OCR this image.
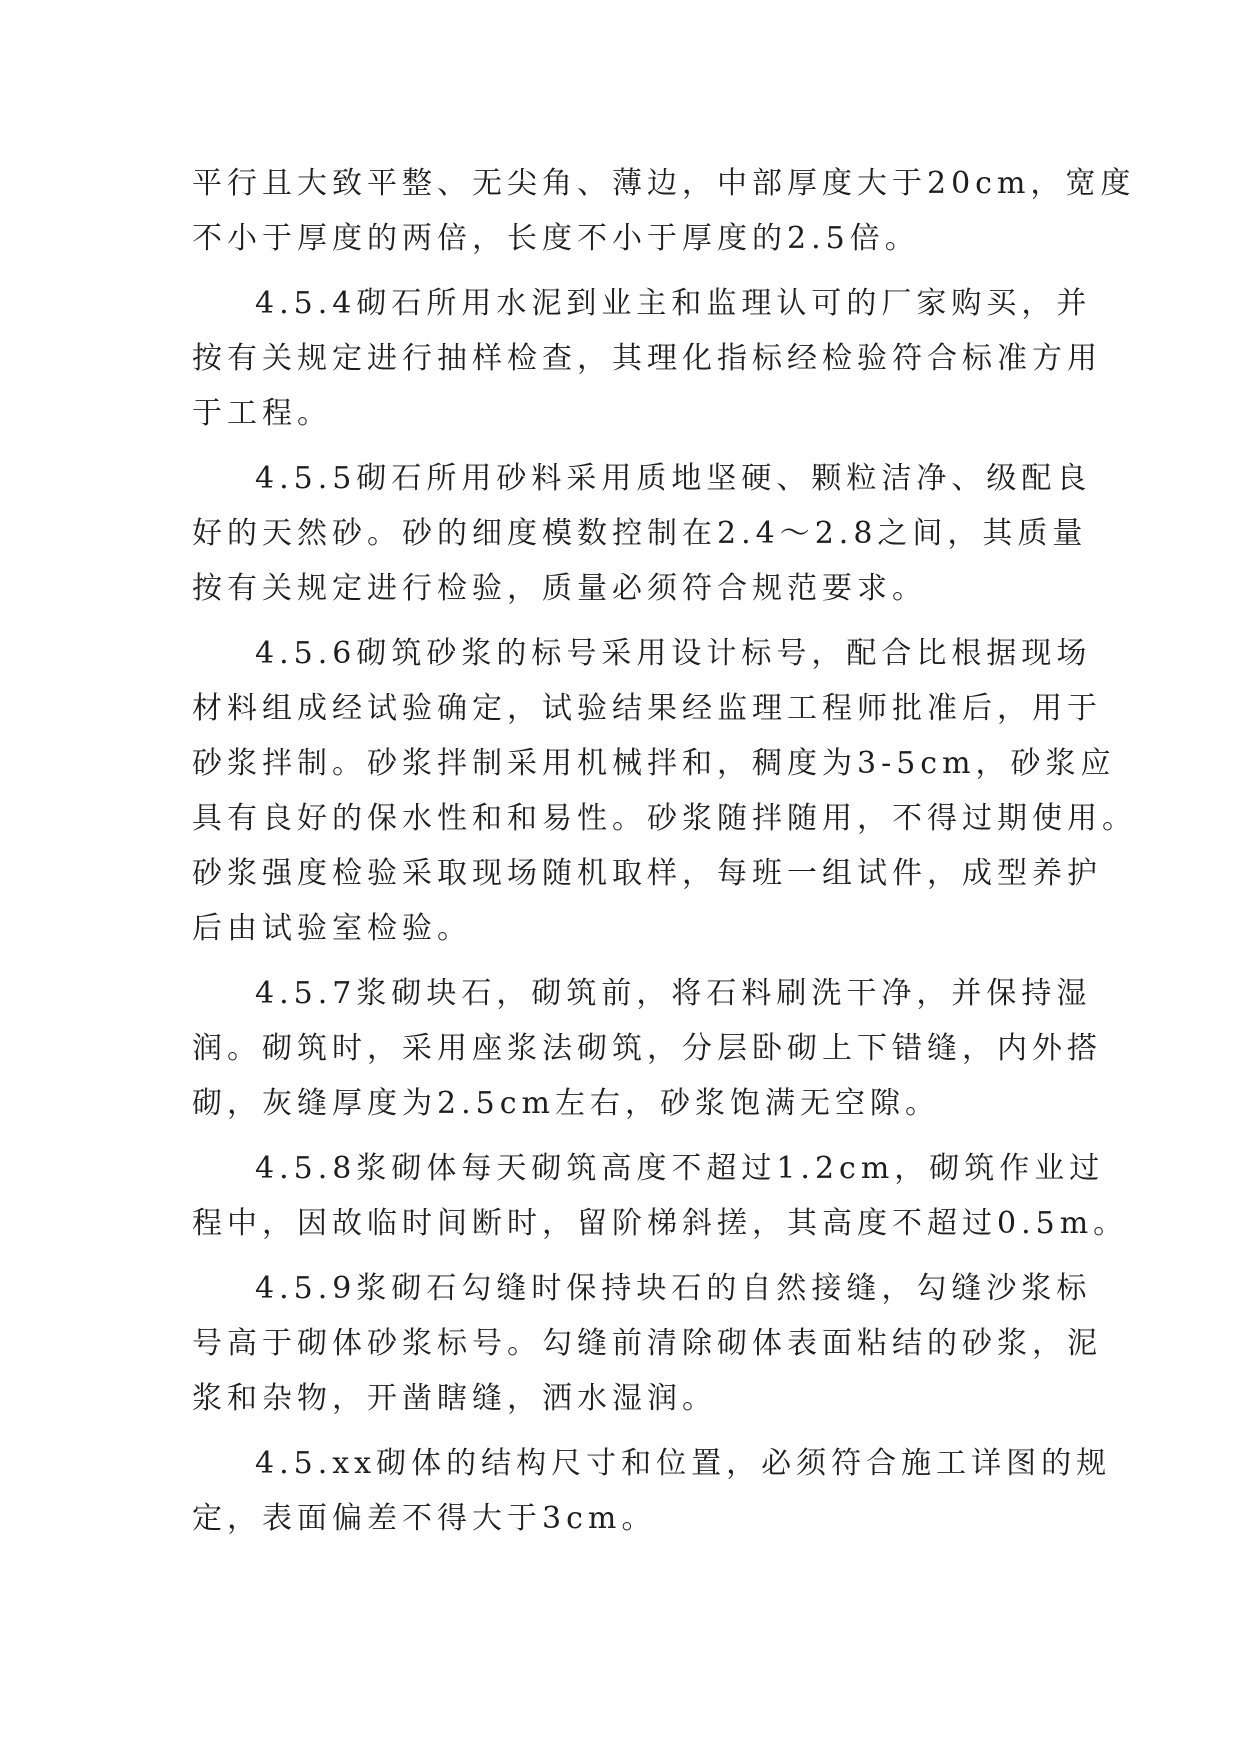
平行且大致平整、无尖角、薄边，中部厚度大于20cm，宽度
不小于厚度的两倍，长度不小于厚度的2.5倍。
4.5.4砌石所用水泥到业主和监理认可的厂家购买，并
按有关规定进行抽样检查，其理化指标经检验符合标准方用
于工程。
4.5.5砌石所用砂料采用质地坚硬、颗粒洁净、级配良
好的天然砂。砂的细度模数控制在2.4～2.8之间，其质量
按有关规定进行检验，质量必须符合规范要求。
4.5.6砌筑砂浆的标号采用设计标号，配合比根据现场
材料组成经试验确定，试验结果经监理工程师批准后，用于
砂浆拌制。砂浆拌制采用机械拌和，稠度为3-5cm，砂浆应
具有良好的保水性和和易性。砂浆随拌随用，不得过期使用。
砂浆强度检验采取现场随机取样，每班一组试件，成型养护
后由试验室检验。
4.5.7浆砌块石，砌筑前，将石料刷洗干净，并保持湿
润。砌筑时，采用座浆法砌筑，分层卧砌上下错缝，内外搭
砌，灰缝厚度为2.5cm左右，砂浆饱满无空隙。
4.5.8浆砌体每天砌筑高度不超过1.2cm，砌筑作业过
程中，因故临时间断时，留阶梯斜搓，其高度不超过0.5m。
4.5.9浆砌石勾缝时保持块石的自然接缝，勾缝沙浆标
号高于砌体砂浆标号。勾缝前清除砌体表面粘结的砂浆，泥
浆和杂物，开凿瞎缝，洒水湿润。
4.5.xx砌体的结构尺寸和位置，必须符合施工详图的规
定，表面偏差不得大于3cm。
